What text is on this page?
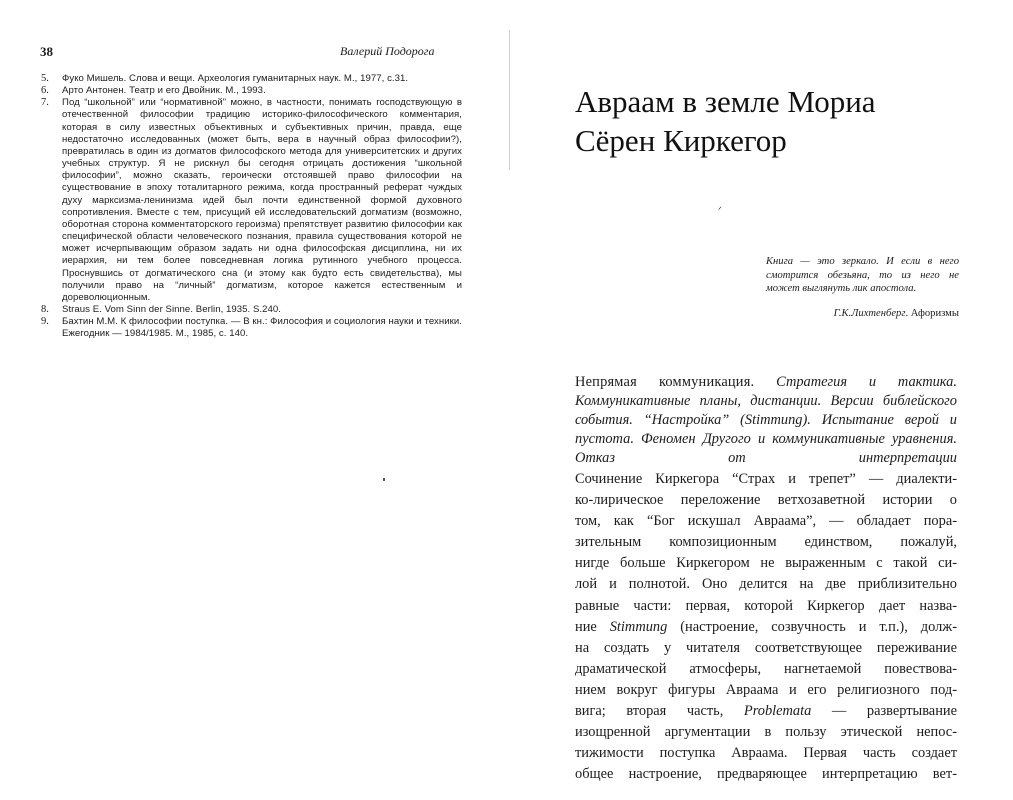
38	Валерий Подорога
5. Фуко Мишель. Слова и вещи. Археология гуманитарных наук. М., 1977, с.31.
6. Арто Антонен. Театр и его Двойник. М., 1993.
7. Под “школьной” или “нормативной” можно, в частности, понимать господствующую в отечественной философии традицию историко-философического комментария, которая в силу известных объективных и субъективных причин, правда, еще недостаточно исследованных (может быть, вера в научный образ философии?), превратилась в один из догматов философского метода для университетских и других учебных структур. Я не рискнул бы сегодня отрицать достижения “школьной философии”, можно сказать, героически отстоявшей право философии на существование в эпоху тоталитарного режима, когда пространный реферат чуждых духу марксизма-ленинизма идей был почти единственной формой духовного сопротивления. Вместе с тем, присущий ей исследовательский догматизм (возможно, оборотная сторона комментаторского героизма) препятствует развитию философии как специфической области человеческого познания, правила существования которой не может исчерпывающим образом задать ни одна философская дисциплина, ни их иерархия, ни тем более повседневная логика рутинного учебного процесса. Проснувшись от догматического сна (и этому как будто есть свидетельства), мы получили право на “личный” догматизм, которое кажется естественным и дореволюционным.
8. Straus E. Vom Sinn der Sinne. Berlin, 1935. S.240.
9. Бахтин М.М. К философии поступка. — В кн.: Философия и социология науки и техники. Ежегодник — 1984/1985. М., 1985, с. 140.
Авраам в земле Мориа
Сёрен Киркегор
ᐟ
Книга — это зеркало. И если в него смотрится обезьяна, то из него не может выглянуть лик апостола.
Г.К.Лихтенберг. Афоризмы
Непрямая коммуникация. Стратегия и тактика. Коммуникативные планы, дистанции. Версии библейского события. “Настройка” (Stimmung). Испытание верой и пустота. Феномен Другого и коммуникативные уравнения. Отказ от интерпретации
Сочинение Киркегора “Страх и трепет” — диалекти-
ко-лирическое переложение ветхозаветной истории о
том, как “Бог искушал Авраама”, — обладает пора-
зительным композиционным единством, пожалуй,
нигде больше Киркегором не выраженным с такой си-
лой и полнотой. Оно делится на две приблизительно
равные части: первая, которой Киркегор дает назва-
ние Stimmung (настроение, созвучность и т.п.), долж-
на создать у читателя соответствующее переживание
драматической атмосферы, нагнетаемой повествова-
нием вокруг фигуры Авраама и его религиозного под-
вига; вторая часть, Problemata — развертывание
изощренной аргументации в пользу этической непос-
тижимости поступка Авраама. Первая часть создает
общее настроение, предваряющее интерпретацию вет-
